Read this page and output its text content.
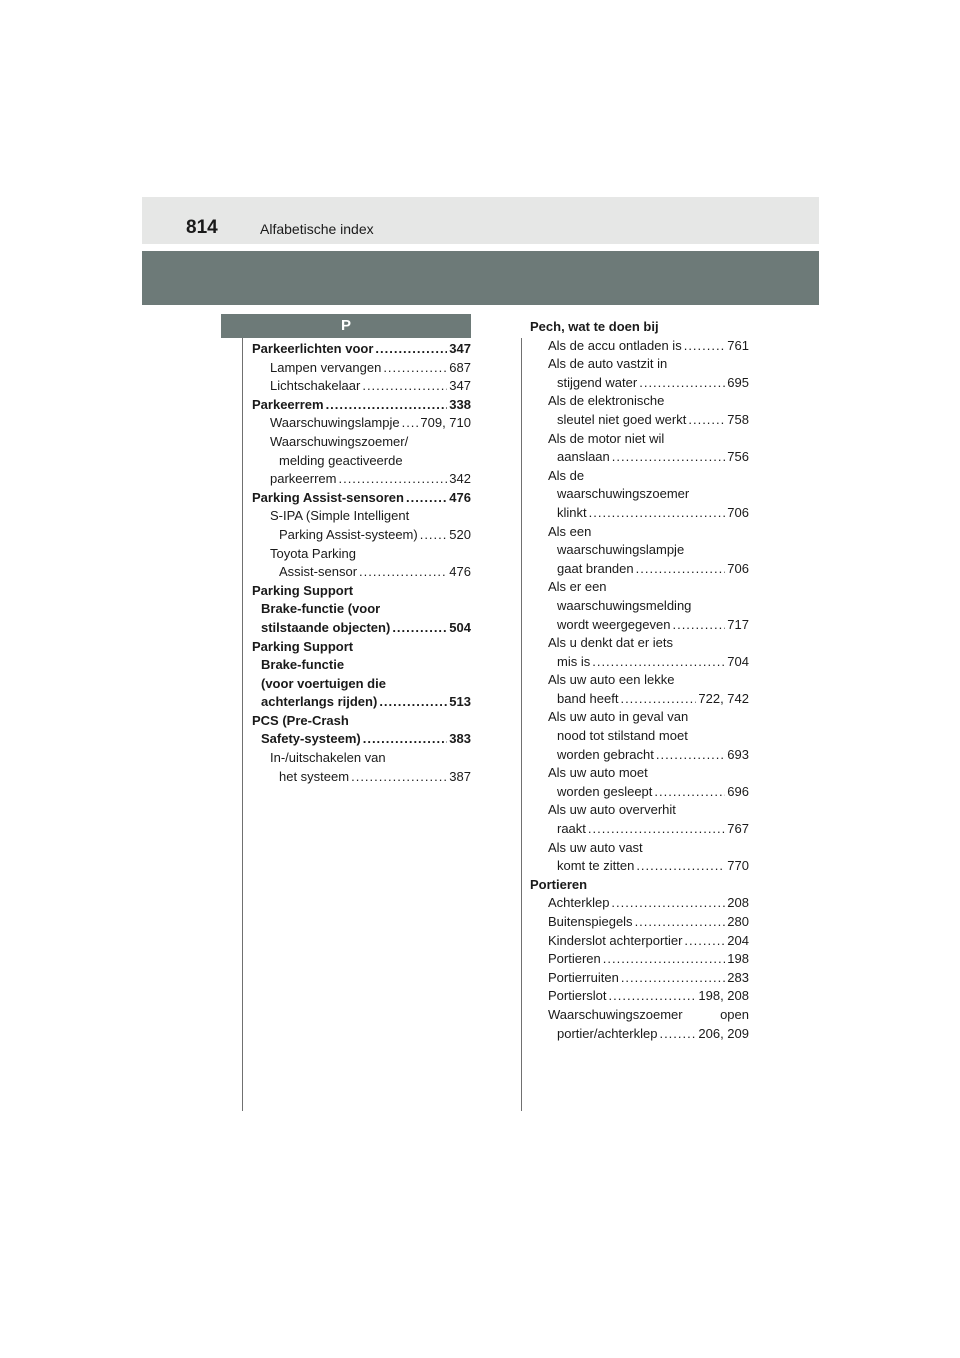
814	Alfabetische index
P
Parkeerlichten voor .....	347
Lampen vervangen .....	687
Lichtschakelaar .....	347
Parkeerrem .....	338
Waarschuwingslampje ..... 709, 710
Waarschuwingszoemer/
melding geactiveerde
parkeerrem .....	342
Parking Assist-sensoren .....	476
S-IPA (Simple Intelligent
Parking Assist-systeem) ..... 520
Toyota Parking
Assist-sensor .....	476
Parking Support
Brake-functie (voor
stilstaande objecten) .....	504
Parking Support
Brake-functie
(voor voertuigen die
achterlangs rijden) .....	513
PCS (Pre-Crash
Safety-systeem) .....	383
In-/uitschakelen van
het systeem .....	387
Pech, wat te doen bij
Als de accu ontladen is .....	761
Als de auto vastzit in
stijgend water .....	695
Als de elektronische
sleutel niet goed werkt .....	758
Als de motor niet wil
aanslaan .....	756
Als de
waarschuwingszoemer
klinkt .....	706
Als een
waarschuwingslampje
gaat branden .....	706
Als er een
waarschuwingsmelding
wordt weergegeven .....	717
Als u denkt dat er iets
mis is .....	704
Als uw auto een lekke
band heeft .....	722, 742
Als uw auto in geval van
nood tot stilstand moet
worden gebracht .....	693
Als uw auto moet
worden gesleept .....	696
Als uw auto oververhit
raakt .....	767
Als uw auto vast
komt te zitten .....	770
Portieren
Achterklep .....	208
Buitenspiegels .....	280
Kinderslot achterportier .....	204
Portieren .....	198
Portierruiten .....	283
Portierslot .....	198, 208
Waarschuwingszoemer	open
portier/achterklep .....	206, 209
